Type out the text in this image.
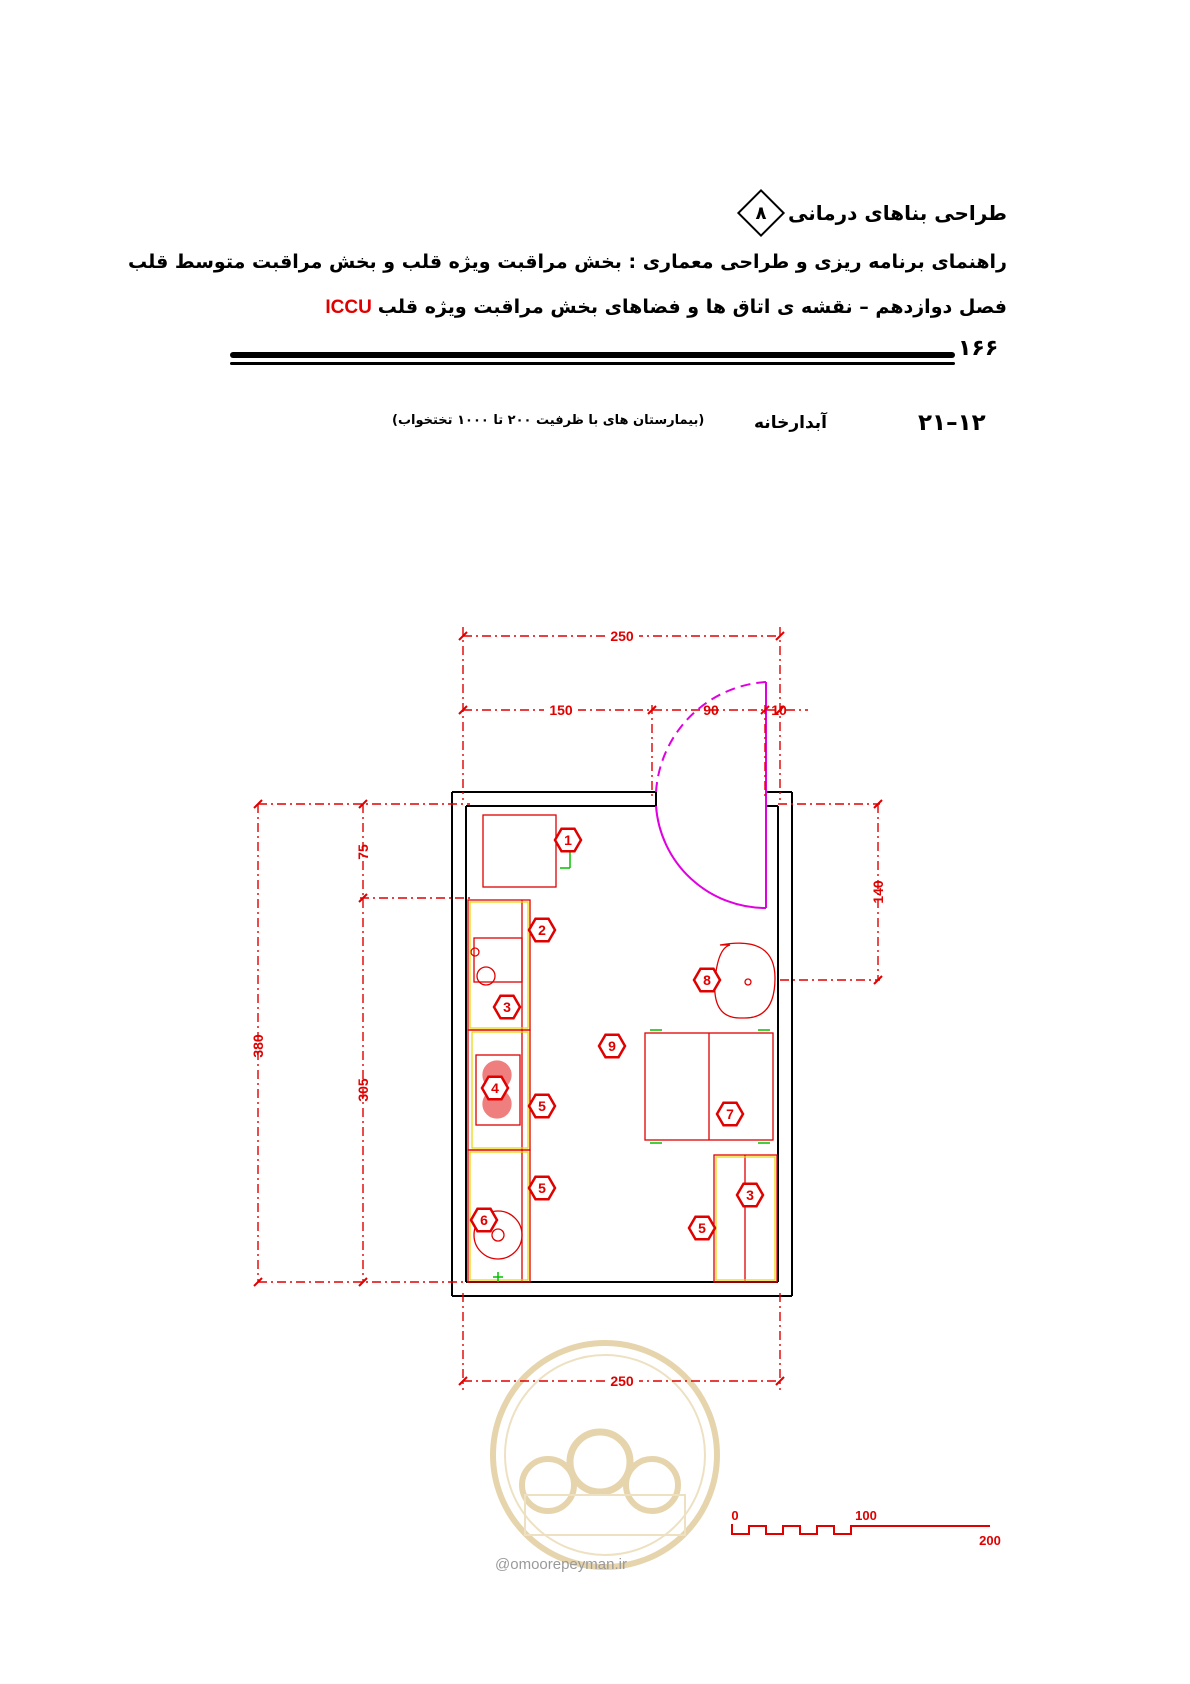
طراحی بناهای درمانی
۸
راهنمای برنامه ریزی و طراحی معماری : بخش مراقبت ویژه قلب و بخش مراقبت متوسط قلب
فصل دوازدهم – نقشه ی اتاق ها و فضاهای بخش مراقبت ویژه قلبICCU
۱۶۶
۲۱–۱۲
آبدارخانه
(بیمارستان های با ظرفیت ۲۰۰ تا ۱۰۰۰ تختخواب)
250
150	90	10
250
380
75
305
140
1
2
3
4
5
5
6
7
8
9
3
5
0	100
200
@omoorepeyman.ir
